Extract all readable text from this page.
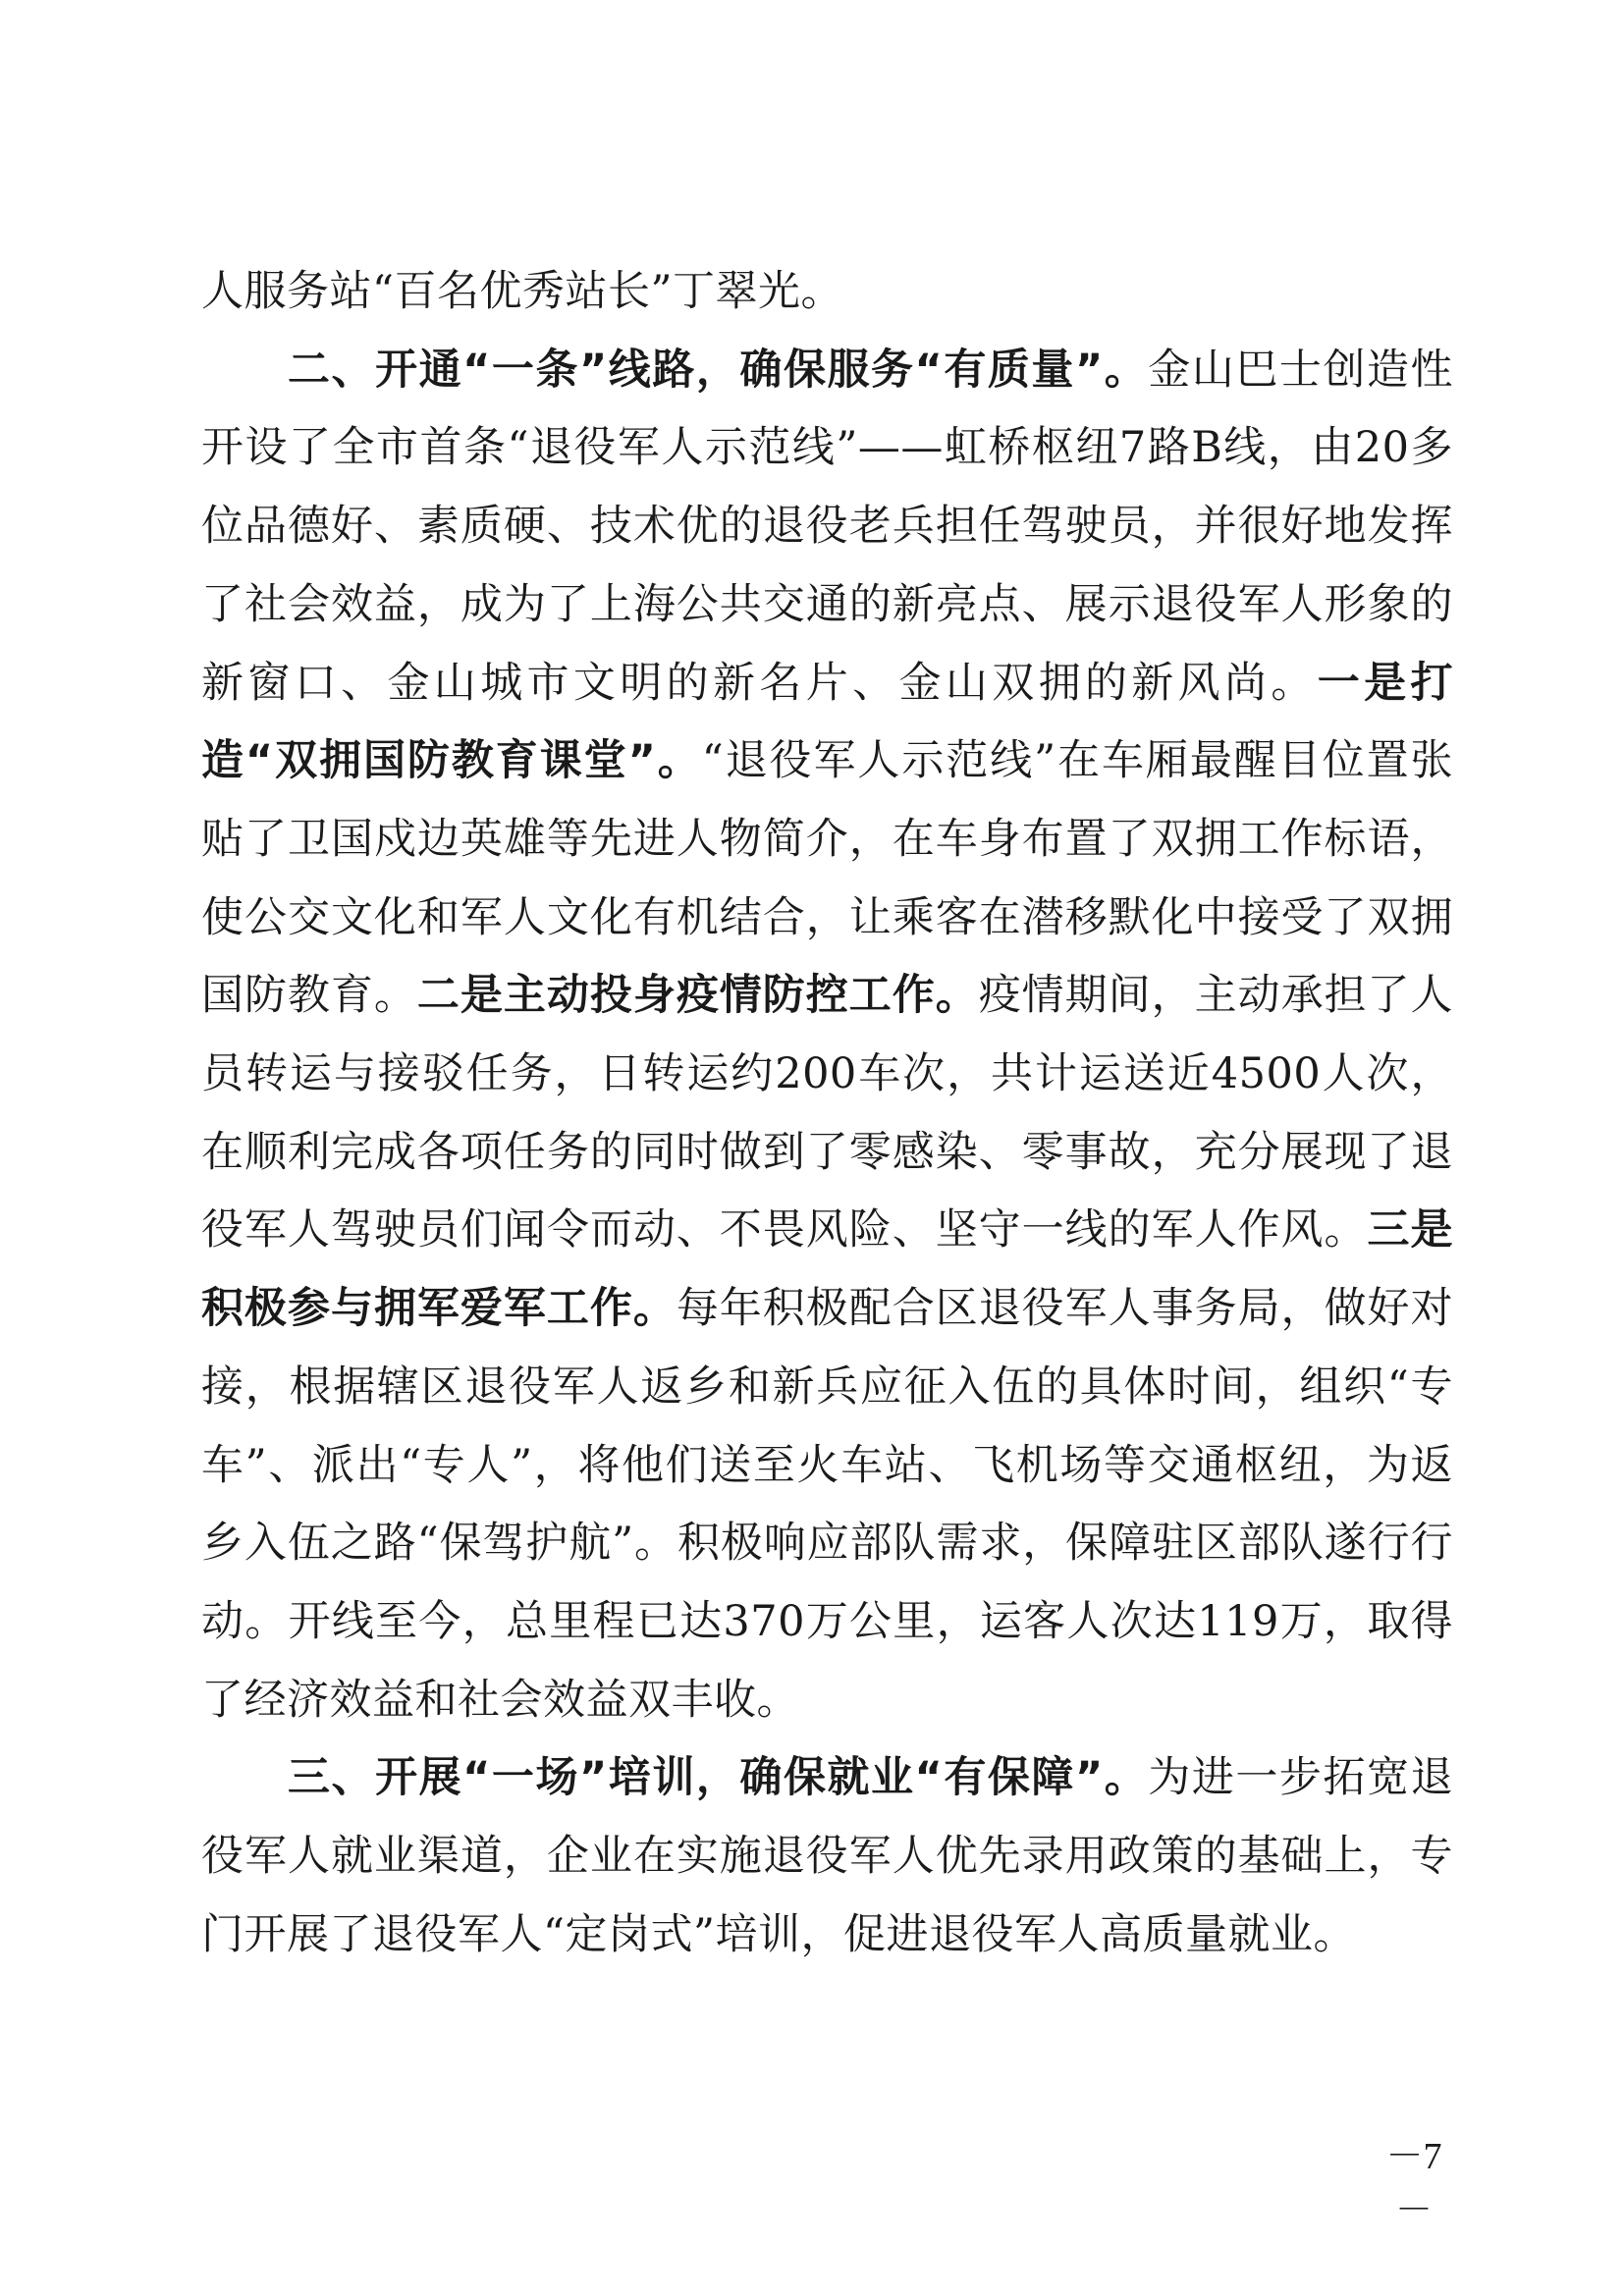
人服务站“百名优秀站长”丁翠光。

二、开通“一条”线路，确保服务“有质量”。金山巴士创造性开设了全市首条“退役军人示范线”——虹桥枢纽7路B线，由20多位品德好、素质硬、技术优的退役老兵担任驾驶员，并很好地发挥了社会效益，成为了上海公共交通的新亮点、展示退役军人形象的新窗口、金山城市文明的新名片、金山双拥的新风尚。一是打造“双拥国防教育课堂”。“退役军人示范线”在车厢最醒目位置张贴了卫国戍边英雄等先进人物简介，在车身布置了双拥工作标语，使公交文化和军人文化有机结合，让乘客在潜移默化中接受了双拥国防教育。二是主动投身疫情防控工作。疫情期间，主动承担了人员转运与接驳任务，日转运约200车次，共计运送近4500人次，在顺利完成各项任务的同时做到了零感染、零事故，充分展现了退役军人驾驶员们闻令而动、不畏风险、坚守一线的军人作风。三是积极参与拥军爱军工作。每年积极配合区退役军人事务局，做好对接，根据辖区退役军人返乡和新兵应征入伍的具体时间，组织“专车”、派出“专人”，将他们送至火车站、飞机场等交通枢纽，为返乡入伍之路“保驾护航”。积极响应部队需求，保障驻区部队遂行行动。开线至今，总里程已达370万公里，运客人次达119万，取得了经济效益和社会效益双丰收。

三、开展“一场”培训，确保就业“有保障”。为进一步拓宽退役军人就业渠道，企业在实施退役军人优先录用政策的基础上，专门开展了退役军人“定岗式”培训，促进退役军人高质量就业。

－7－
